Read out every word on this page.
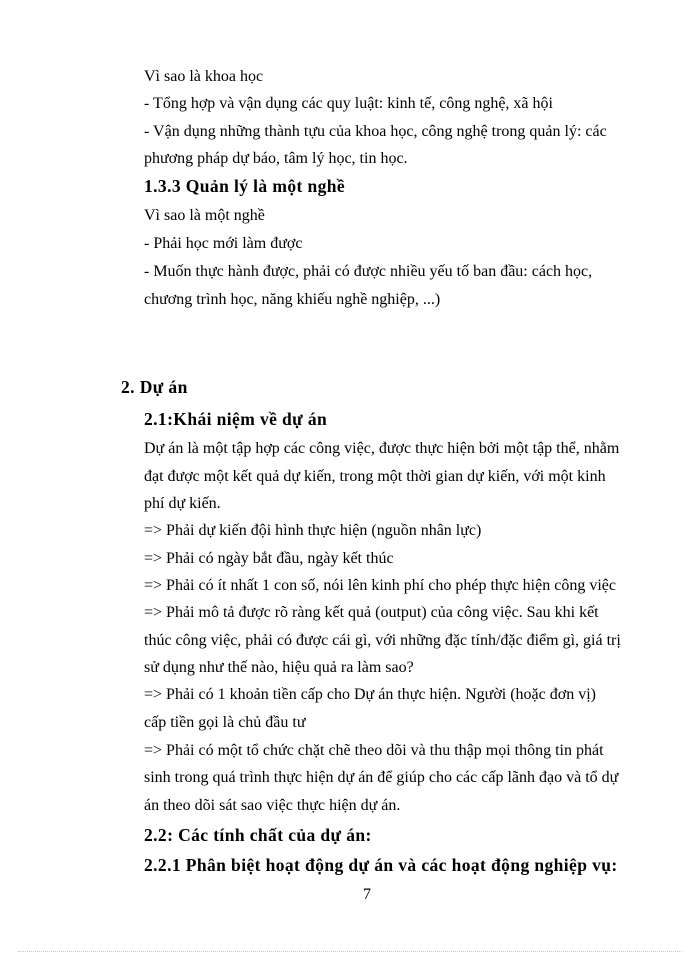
Vì sao là khoa học
- Tổng hợp và vận dụng các quy luật: kinh tế, công nghệ, xã hội
- Vận dụng những thành tựu của khoa học, công nghệ trong quản lý: các
phương pháp dự báo, tâm lý học, tin học.
1.3.3 Quản lý là một nghề
Vì sao là một nghề
- Phải học mới làm được
- Muốn thực hành được, phải có được nhiều yếu tố ban đầu: cách học,
chương trình học, năng khiếu nghề nghiệp, ...)
2. Dự án
2.1:Khái niệm về dự án
Dự án là một tập hợp các công việc, được thực hiện bởi một tập thể, nhằm
đạt được một kết quả dự kiến, trong một thời gian dự kiến, với một kinh
phí dự kiến.
=> Phải dự kiến đội hình thực hiện (nguồn nhân lực)
=> Phải có ngày bắt đầu, ngày kết thúc
=> Phải có ít nhất 1 con số, nói lên kinh phí cho phép thực hiện công việc
=> Phải mô tả được rõ ràng kết quả (output) của công việc. Sau khi kết
thúc công việc, phải có được cái gì, với những đặc tính/đặc điểm gì, giá trị
sử dụng như thế nào, hiệu quả ra làm sao?
=> Phải có 1 khoản tiền cấp cho Dự án thực hiện. Người (hoặc đơn vị)
cấp tiền gọi là chủ đầu tư
=> Phải có một tổ chức chặt chẽ theo dõi và thu thập mọi thông tin phát
sinh trong quá trình thực hiện dự án để giúp cho các cấp lãnh đạo và tổ dự
án theo dõi sát sao việc thực hiện dự án.
2.2: Các tính chất của dự án:
2.2.1 Phân biệt hoạt động dự án và các hoạt động nghiệp vụ:
7
